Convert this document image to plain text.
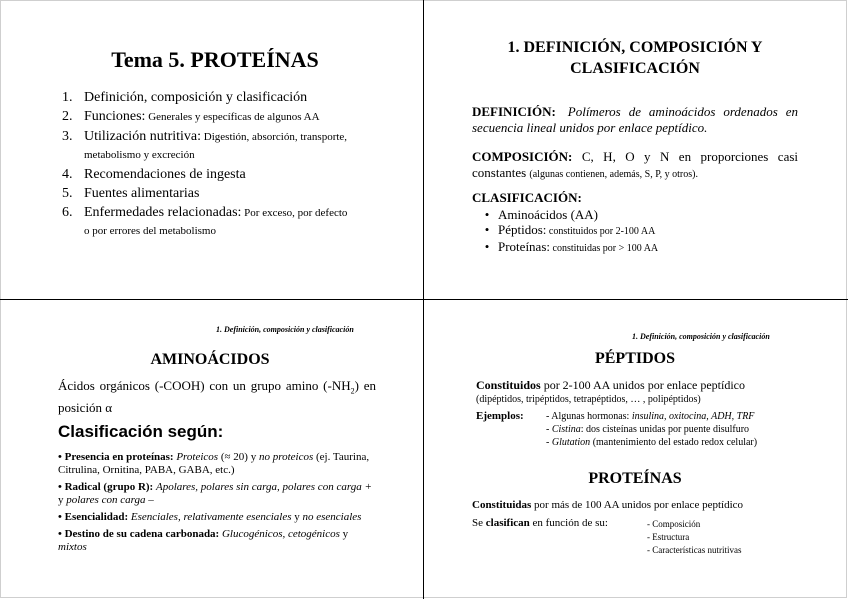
Tema 5. PROTEÍNAS
1. Definición, composición y clasificación
2. Funciones: Generales y específicas de algunos AA
3. Utilización nutritiva: Digestión, absorción, transporte, metabolismo y excreción
4. Recomendaciones de ingesta
5. Fuentes alimentarias
6. Enfermedades relacionadas: Por exceso, por defecto o por errores del metabolismo
1. DEFINICIÓN, COMPOSICIÓN Y CLASIFICACIÓN
DEFINICIÓN: Polímeros de aminoácidos ordenados en secuencia lineal unidos por enlace peptídico.
COMPOSICIÓN: C, H, O y N en proporciones casi constantes (algunas contienen, además, S, P, y otros).
CLASIFICACIÓN:
• Aminoácidos (AA)
• Péptidos: constituidos por 2-100 AA
• Proteínas: constituidas por > 100 AA
1. Definición, composición y clasificación
AMINOÁCIDOS
Ácidos orgánicos (-COOH) con un grupo amino $(-NH_2)$ en posición α
Clasificación según:
• Presencia en proteínas: Proteicos (≈ 20) y no proteicos (ej. Taurina, Citrulina, Ornitina, PABA, GABA, etc.)
• Radical (grupo R): Apolares, polares sin carga, polares con carga + y polares con carga –
• Esencialidad: Esenciales, relativamente esenciales y no esenciales
• Destino de su cadena carbonada: Glucogénicos, cetogénicos y mixtos
1. Definición, composición y clasificación
PÉPTIDOS
Constituidos por 2-100 AA unidos por enlace peptídico
(dipéptidos, tripéptidos, tetrapéptidos, … , polipéptidos)
Ejemplos: - Algunas hormonas: insulina, oxitocina, ADH, TRF
- Cistina: dos cisteínas unidas por puente disulfuro
- Glutation (mantenimiento del estado redox celular)
PROTEÍNAS
Constituidas por más de 100 AA unidos por enlace peptídico
Se clasifican en función de su:	- Composición
- Estructura
- Características nutritivas
